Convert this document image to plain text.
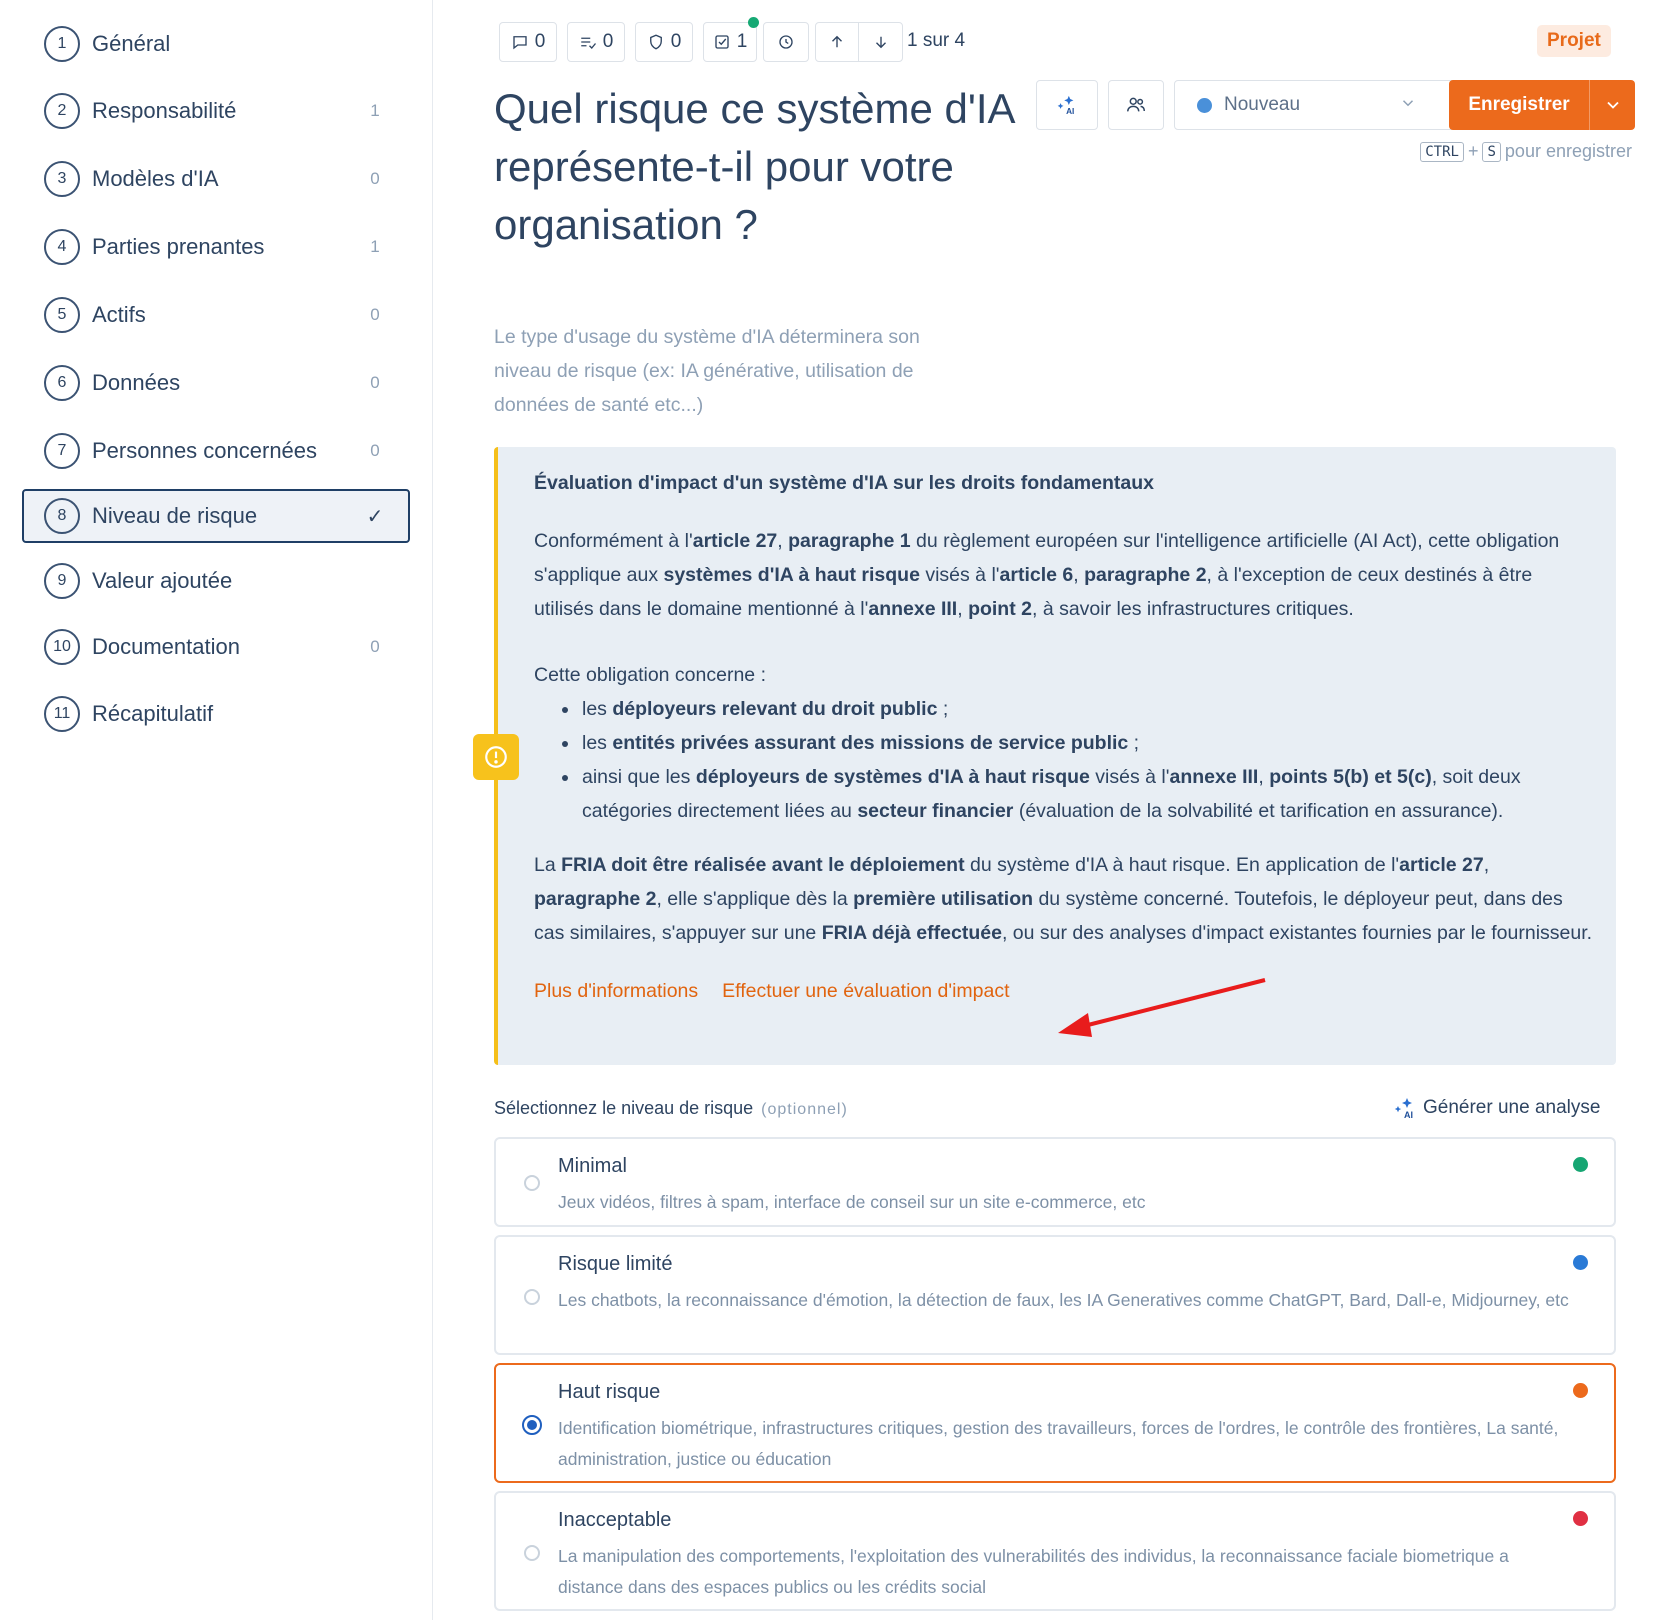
1	Général
2	Responsabilité	1
3	Modèles d'IA	0
4	Parties prenantes	1
5	Actifs	0
6	Données	0
7	Personnes concernées	0
8	Niveau de risque	✓
9	Valeur ajoutée
10 Documentation	0
11 Récapitulatif
0	0	0	1	1 sur 4	Projet
Quel risque ce système d'IA représente-t-il pour votre organisation ?

Le type d'usage du système d'IA déterminera son niveau de risque (ex: IA générative, utilisation de données de santé etc...)

AI	Nouveau	Enregistrer
CTRL + S pour enregistrer
Évaluation d'impact d'un système d'IA sur les droits fondamentaux

Conformément à l'article 27, paragraphe 1 du règlement européen sur l'intelligence artificielle (AI Act), cette obligation s'applique aux systèmes d'IA à haut risque visés à l'article 6, paragraphe 2, à l'exception de ceux destinés à être utilisés dans le domaine mentionné à l'annexe III, point 2, à savoir les infrastructures critiques.

Cette obligation concerne :
les déployeurs relevant du droit public ;
les entités privées assurant des missions de service public ;
ainsi que les déployeurs de systèmes d'IA à haut risque visés à l'annexe III, points 5(b) et 5(c), soit deux catégories directement liées au secteur financier (évaluation de la solvabilité et tarification en assurance).

La FRIA doit être réalisée avant le déploiement du système d'IA à haut risque. En application de l'article 27, paragraphe 2, elle s'applique dès la première utilisation du système concerné. Toutefois, le déployeur peut, dans des cas similaires, s'appuyer sur une FRIA déjà effectuée, ou sur des analyses d'impact existantes fournies par le fournisseur.

Plus d'informations Effectuer une évaluation d'impact
Sélectionnez le niveau de risque (optionnel)	AI Générer une analyse
Minimal
Jeux vidéos, filtres à spam, interface de conseil sur un site e-commerce, etc
Risque limité
Les chatbots, la reconnaissance d'émotion, la détection de faux, les IA Generatives comme ChatGPT, Bard, Dall-e, Midjourney, etc
Haut risque
Identification biométrique, infrastructures critiques, gestion des travailleurs, forces de l'ordres, le contrôle des frontières, La santé, administration, justice ou éducation
Inacceptable
La manipulation des comportements, l'exploitation des vulnerabilités des individus, la reconnaissance faciale biometrique a distance dans des espaces publics ou les crédits social
